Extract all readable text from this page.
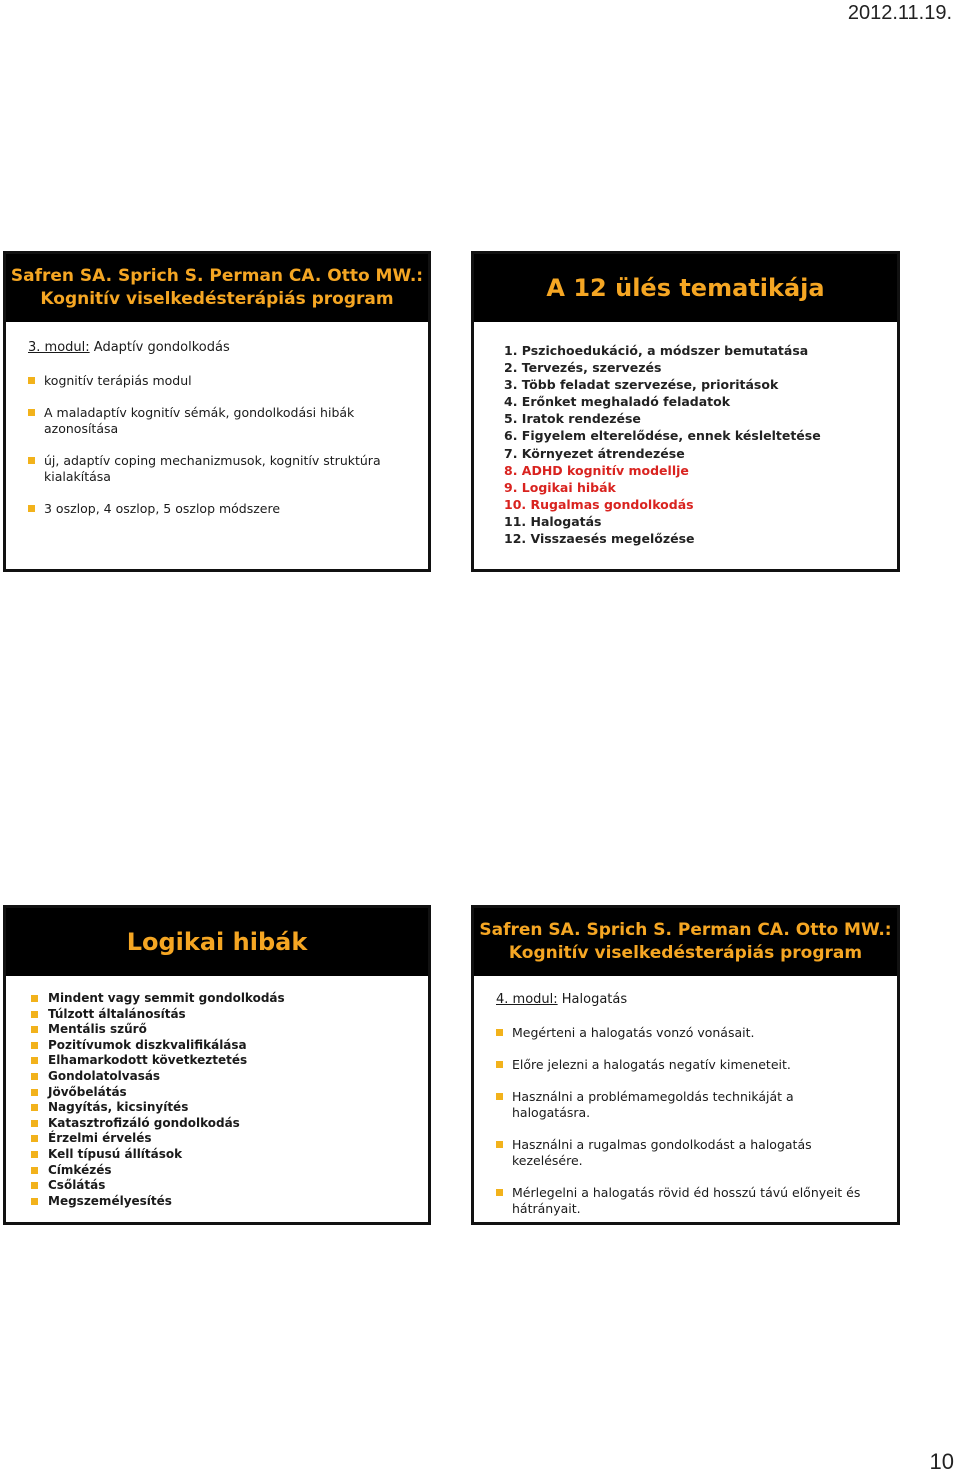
2012.11.19.
Safren SA. Sprich S. Perman CA. Otto MW.:
Kognitív viselkedésterápiás program
3. modul: Adaptív gondolkodás
kognitív terápiás modul
A maladaptív kognitív sémák, gondolkodási hibák azonosítása
új, adaptív coping mechanizmusok, kognitív struktúra kialakítása
3 oszlop, 4 oszlop, 5 oszlop módszere
A 12 ülés tematikája
1. Pszichoedukáció, a módszer bemutatása
2. Tervezés, szervezés
3. Több feladat szervezése, prioritások
4. Erőnket meghaladó feladatok
5. Iratok rendezése
6. Figyelem elterelődése, ennek késleltetése
7. Környezet átrendezése
8. ADHD kognitív modellje
9. Logikai hibák
10. Rugalmas gondolkodás
11. Halogatás
12. Visszaesés megelőzése
Logikai hibák
Mindent vagy semmit gondolkodás
Túlzott általánosítás
Mentális szűrő
Pozitívumok diszkvalifikálása
Elhamarkodott következtetés
Gondolatolvasás
Jövőbelátás
Nagyítás, kicsinyítés
Katasztrofizáló gondolkodás
Érzelmi érvelés
Kell típusú állítások
Címkézés
Csőlátás
Megszemélyesítés
Safren SA. Sprich S. Perman CA. Otto MW.:
Kognitív viselkedésterápiás program
4. modul: Halogatás
Megérteni a halogatás vonzó vonásait.
Előre jelezni a halogatás negatív kimeneteit.
Használni a problémamegoldás technikáját a halogatásra.
Használni a rugalmas gondolkodást a halogatás kezelésére.
Mérlegelni a halogatás rövid éd hosszú távú előnyeit és hátrányait.
10
